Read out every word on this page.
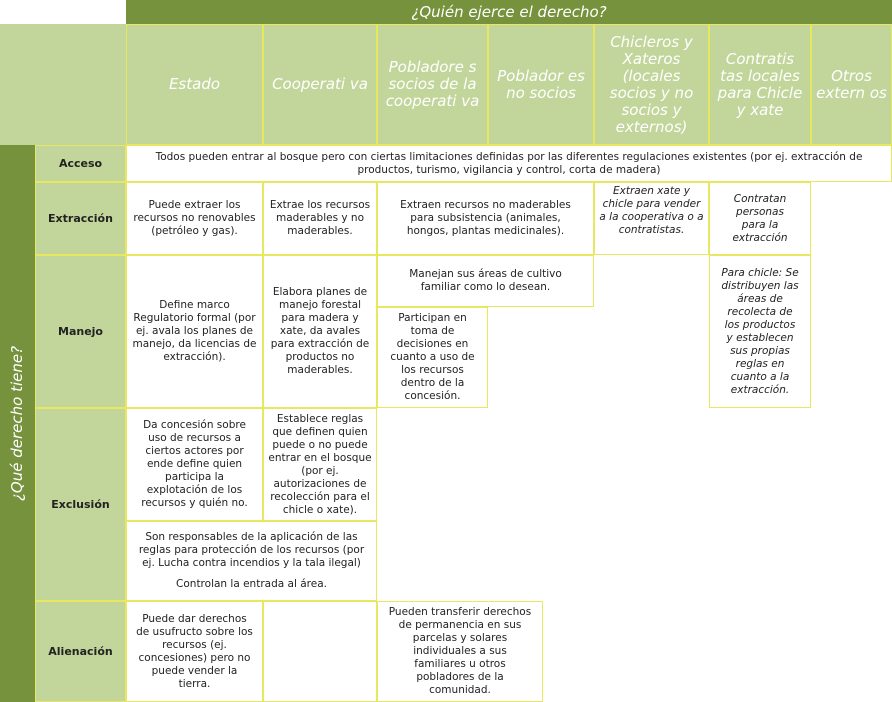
¿Quién ejerce el derecho?
Estado	Cooperati va
Pobladore s socios de la cooperati va
Poblador es no socios
Chicleros y Xateros (locales socios y no socios y externos)
Contratis tas locales para Chicle y xate
Otros extern os
¿Qué derecho tiene?
Acceso
Extracción
Manejo
Exclusión
Alienación
Todos pueden entrar al bosque pero con ciertas limitaciones definidas por las diferentes regulaciones existentes (por ej. extracción de productos, turismo, vigilancia y control, corta de madera)
Puede extraer los recursos no renovables (petróleo y gas).
Extrae los recursos maderables y no maderables.
Extraen recursos no maderables para subsistencia (animales, hongos, plantas medicinales).
Extraen xate y chicle para vender a la cooperativa o a contratistas.
Contratan personas para la extracción
Define marco Regulatorio formal (por ej. avala los planes de manejo, da licencias de extracción).
Elabora planes de manejo forestal para madera y xate, da avales para extracción de productos no maderables.
Manejan sus áreas de cultivo familiar como lo desean.
Participan en toma de decisiones en cuanto a uso de los recursos dentro de la concesión.
Para chicle: Se distribuyen las áreas de recolecta de los productos y establecen sus propias reglas en cuanto a la extracción.
Da concesión sobre uso de recursos a ciertos actores por ende define quien participa la explotación de los recursos y quién no.
Establece reglas que definen quien puede o no puede entrar en el bosque (por ej. autorizaciones de recolección para el chicle o xate).
Son responsables de la aplicación de las reglas para protección de los recursos (por ej. Lucha contra incendios y la tala ilegal)
Controlan la entrada al área.
Puede dar derechos de usufructo sobre los recursos (ej. concesiones) pero no puede vender la tierra.
Pueden transferir derechos de permanencia en sus parcelas y solares individuales a sus familiares u otros pobladores de la comunidad.
